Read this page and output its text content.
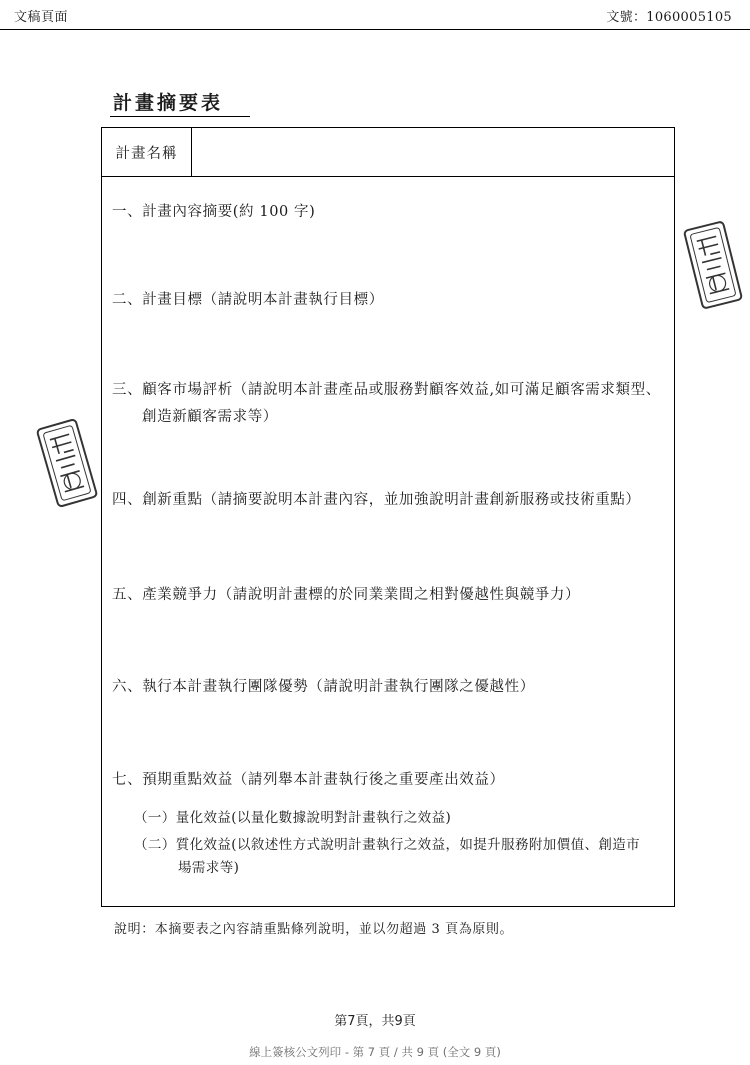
文稿頁面	文號：1060005105
計畫摘要表
計畫名稱
一、計畫內容摘要(約 100 字)
二、計畫目標（請說明本計畫執行目標）
三、顧客市場評析（請說明本計畫產品或服務對顧客效益,如可滿足顧客需求類型、
創造新顧客需求等）
四、創新重點（請摘要說明本計畫內容，並加強說明計畫創新服務或技術重點）
五、產業競爭力（請說明計畫標的於同業業間之相對優越性與競爭力）
六、執行本計畫執行團隊優勢（請說明計畫執行團隊之優越性）
七、預期重點效益（請列舉本計畫執行後之重要產出效益）
（一）量化效益(以量化數據說明對計畫執行之效益)
（二）質化效益(以敘述性方式說明計畫執行之效益，如提升服務附加價值、創造市
場需求等)
說明：本摘要表之內容請重點條列說明，並以勿超過 3 頁為原則。
第7頁，共9頁
線上簽核公文列印 - 第 7 頁 / 共 9 頁 (全文 9 頁)
